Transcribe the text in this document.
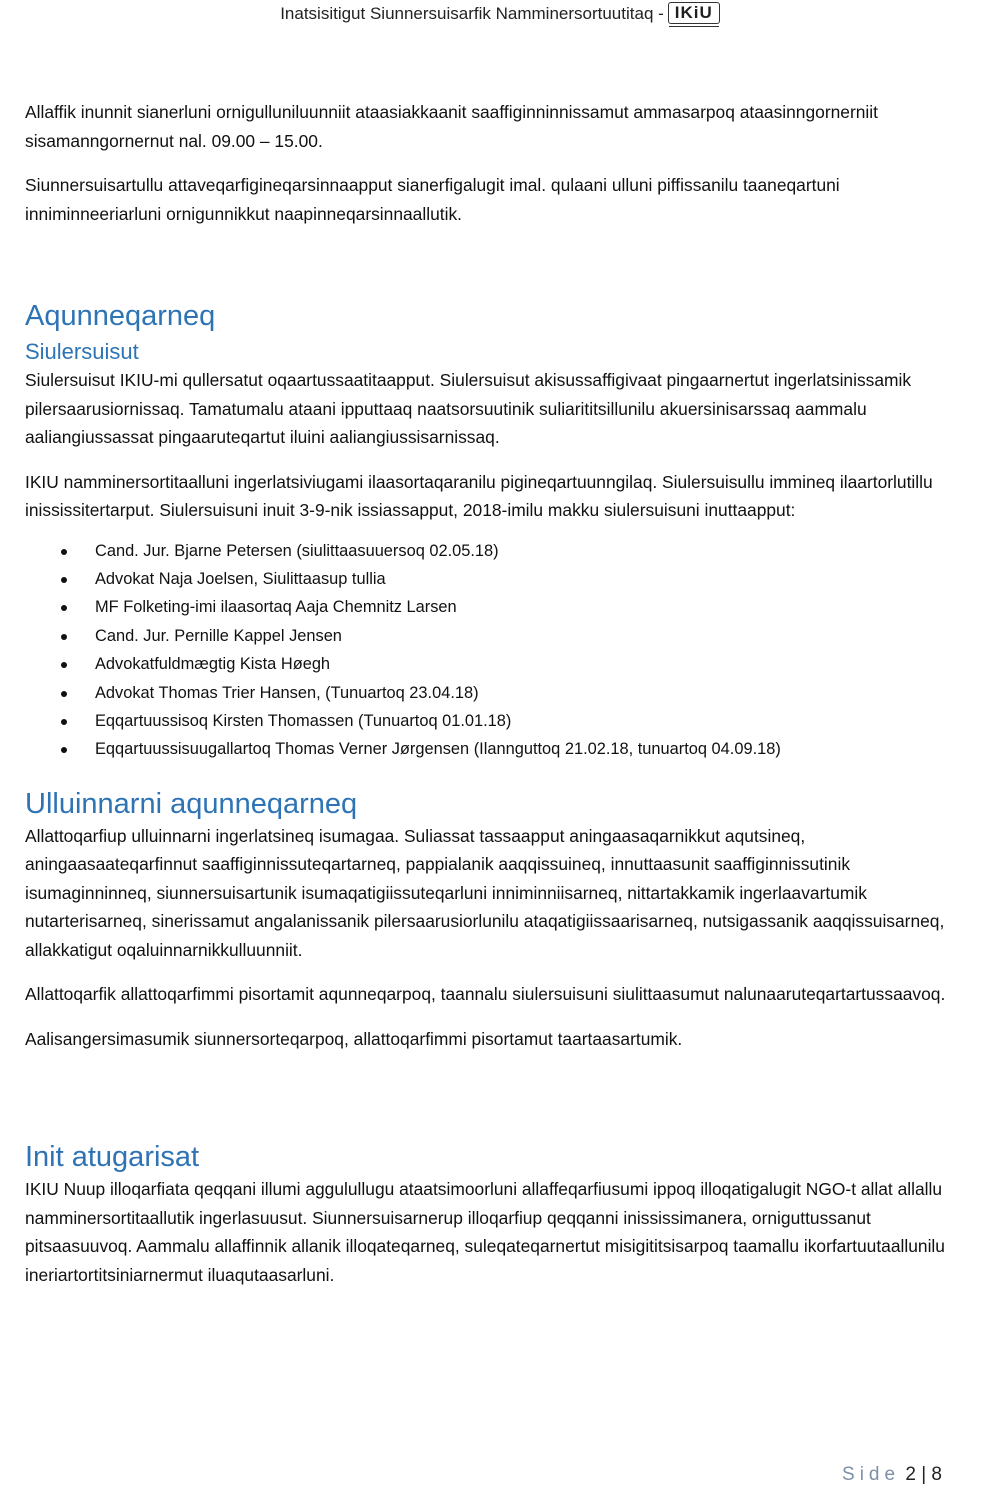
Inatsisitigut Siunnersuisarfik Namminersortuutitaq - IKiU

Allaffik inunnit sianerluni ornigulluniluunniit ataasiakkaanit saaffiginninnissamut ammasarpoq ataasinngornerniit sisamanngornernut nal. 09.00 – 15.00.

Siunnersuisartullu attaveqarfigineqarsinnaapput sianerfigalugit imal. qulaani ulluni piffissanilu taaneqartuni inniminneeriarluni ornigunnikkut naapinneqarsinnaallutik.

Aqunneqarneq
Siulersuisut

Siulersuisut IKIU-mi qullersatut oqaartussaatitaapput. Siulersuisut akisussaffigivaat pingaarnertut ingerlatsinissamik pilersaarusiornissaq. Tamatumalu ataani ipputtaaq naatsorsuutinik suliarititsillunilu akuersinisarssaq aammalu aaliangiussassat pingaaruteqartut iluini aaliangiussisarnissaq.

IKIU namminersortitaalluni ingerlatsiviugami ilaasortaqaranilu pigineqartuunngilaq. Siulersuisullu immineq ilaartorlutillu inississitertarput. Siulersuisuni inuit 3-9-nik issiassapput, 2018-imilu makku siulersuisuni inuttaapput:

Cand. Jur. Bjarne Petersen (siulittaasuuersoq 02.05.18)
Advokat Naja Joelsen, Siulittaasup tullia
MF Folketing-imi ilaasortaq Aaja Chemnitz Larsen
Cand. Jur. Pernille Kappel Jensen
Advokatfuldmægtig Kista Høegh
Advokat Thomas Trier Hansen, (Tunuartoq 23.04.18)
Eqqartuussisoq Kirsten Thomassen (Tunuartoq 01.01.18)
Eqqartuussisuugallartoq Thomas Verner Jørgensen (Ilannguttoq 21.02.18, tunuartoq 04.09.18)
Ulluinnarni aqunneqarneq

Allattoqarfiup ulluinnarni ingerlatsineq isumagaa. Suliassat tassaapput aningaasaqarnikkut aqutsineq, aningaasaateqarfinnut saaffiginnissuteqartarneq, pappialanik aaqqissuineq, innuttaasunit saaffiginnissutinik isumaginninneq, siunnersuisartunik isumaqatigiissuteqarluni inniminniisarneq, nittartakkamik ingerlaavartumik nutarterisarneq, sinerissamut angalanissanik pilersaarusiorlunilu ataqatigiissaarisarneq, nutsigassanik aaqqissuisarneq, allakkatigut oqaluinnarnikkulluunniit.

Allattoqarfik allattoqarfimmi pisortamit aqunneqarpoq, taannalu siulersuisuni siulittaasumut nalunaaruteqartartussaavoq.

Aalisangersimasumik siunnersorteqarpoq, allattoqarfimmi pisortamut taartaasartumik.

Init atugarisat

IKIU Nuup illoqarfiata qeqqani illumi aggulullugu ataatsimoorluni allaffeqarfiusumi ippoq illoqatigalugit NGO-t allat allallu namminersortitaallutik ingerlasuusut. Siunnersuisarnerup illoqarfiup qeqqanni inississimanera, orniguttussanut pitsaasuuvoq. Aammalu allaffinnik allanik illoqateqarneq, suleqateqarnertut misigititsisarpoq taamallu ikorfartuutaallunilu ineriartortitsiniarnermut iluaqutaasarluni.

Side 2 | 8
